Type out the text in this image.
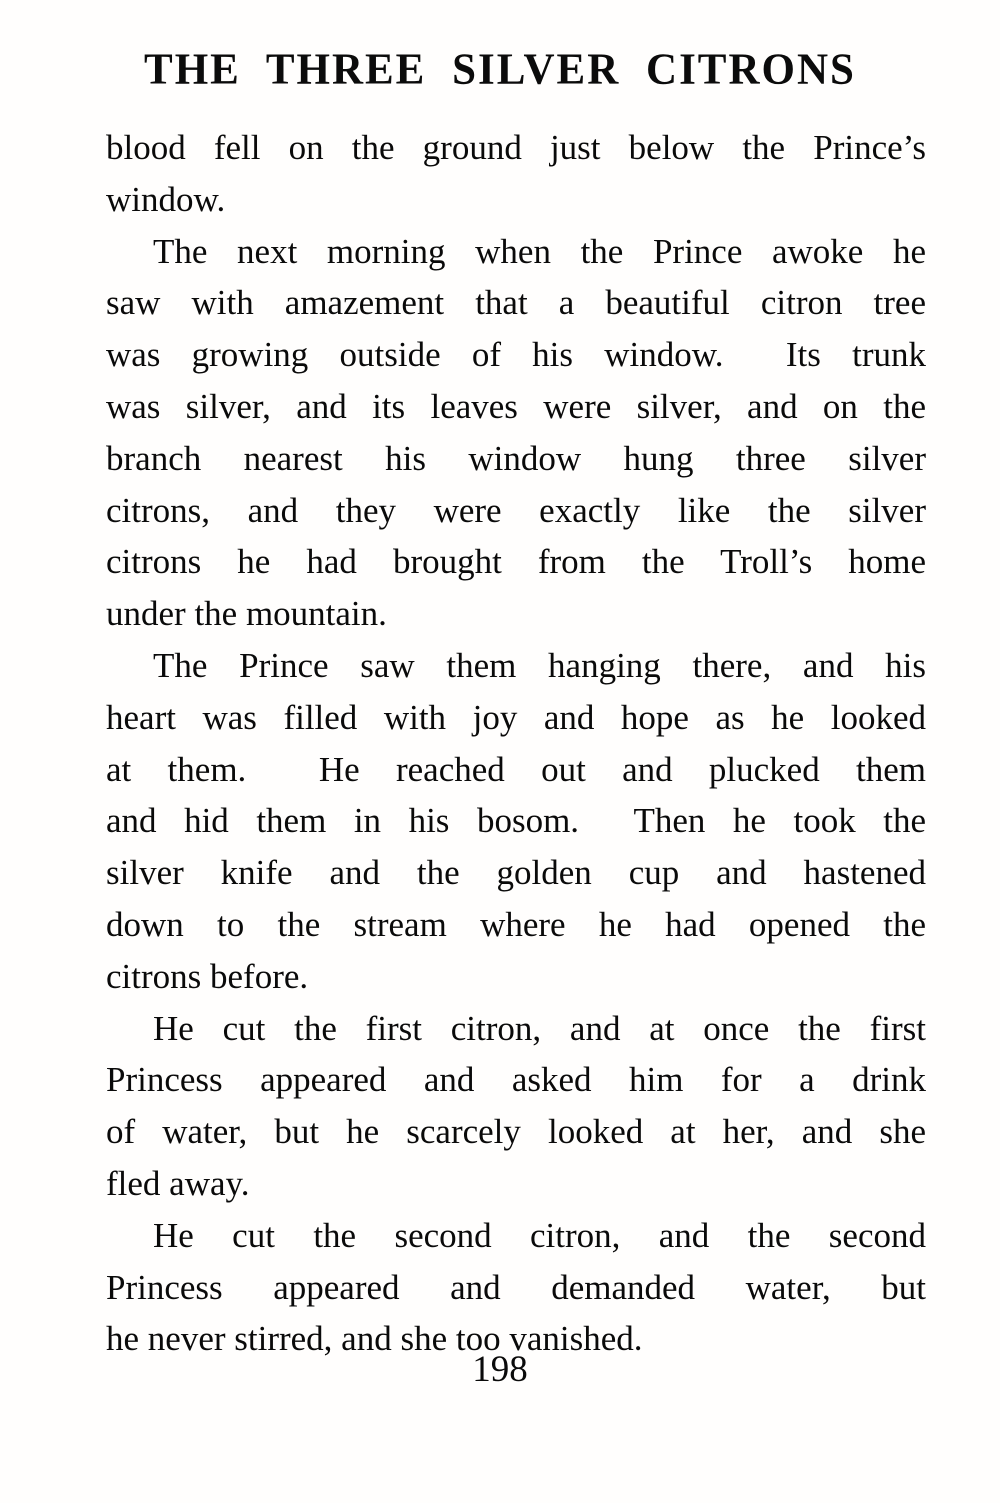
THE THREE SILVER CITRONS
blood fell on the ground just below the Prince’s
window.
The next morning when the Prince awoke he
saw with amazement that a beautiful citron tree
was growing outside of his window.  Its trunk
was silver, and its leaves were silver, and on the
branch nearest his window hung three silver
citrons, and they were exactly like the silver
citrons he had brought from the Troll’s home
under the mountain.
The Prince saw them hanging there, and his
heart was filled with joy and hope as he looked
at them.  He reached out and plucked them
and hid them in his bosom.  Then he took the
silver knife and the golden cup and hastened
down to the stream where he had opened the
citrons before.
He cut the first citron, and at once the first
Princess appeared and asked him for a drink
of water, but he scarcely looked at her, and she
fled away.
He cut the second citron, and the second
Princess appeared and demanded water, but
he never stirred, and she too vanished.
198
